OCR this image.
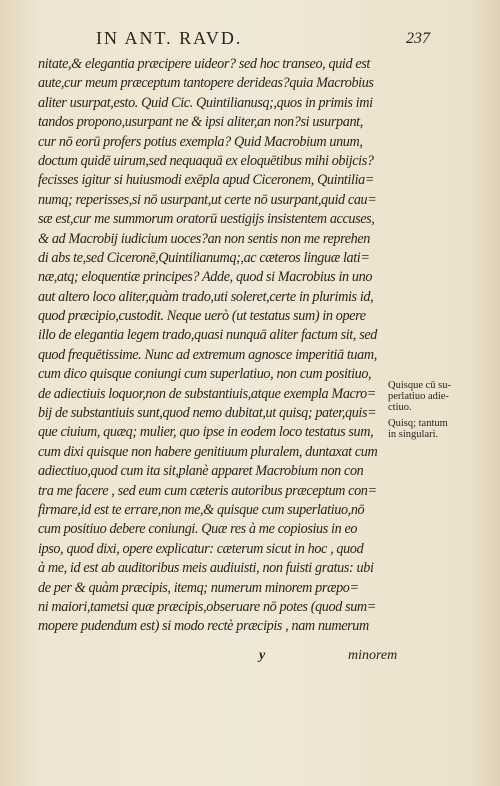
IN ANT. RAVD.	237
nitate,& elegantia præcipere uideor? sed hoc transeo, quid est
aute,cur meum præceptum tantopere derideas?quia Macrobius
aliter usurpat,esto. Quid Cic. Quintilianusq;,quos in primis imi
tandos propono,usurpant ne & ipsi aliter,an non?si usurpant,
cur nō eorū profers potius exempla? Quid Macrobium unum,
doctum quidē uirum,sed nequaquā ex eloquētibus mihi obijcis?
fecisses igitur si huiusmodi exēpla apud Ciceronem, Quintilia=
numq; reperisses,si nō usurpant,ut certe nō usurpant,quid cau=
sæ est,cur me summorum oratorū uestigijs insistentem accuses,
& ad Macrobij iudicium uoces?an non sentis non me reprehen
di abs te,sed Ciceronē,Quintilianumq;,ac cæteros linguæ lati=
næ,atq; eloquentiæ principes? Adde, quod si Macrobius in uno
aut altero loco aliter,quàm trado,uti soleret,certe in plurimis id,
quod præcipio,custodit. Neque uerò (ut testatus sum) in opere
illo de elegantia legem trado,quasi nunquā aliter factum sit, sed
quod frequētissime. Nunc ad extremum agnosce imperitiā tuam,
cum dico quisque coniungi cum superlatiuo, non cum positiuo,
de adiectiuis loquor,non de substantiuis,atque exempla Macro=
bij de substantiuis sunt,quod nemo dubitat,ut quisq; pater,quis=
que ciuium, quæq; mulier, quo ipse in eodem loco testatus sum,
cum dixi quisque non habere genitiuum pluralem, duntaxat cum
adiectiuo,quod cum ita sit,planè apparet Macrobium non con
tra me facere , sed eum cum cæteris autoribus præceptum con=
firmare,id est te errare,non me,& quisque cum superlatiuo,nō
cum positiuo debere coniungi. Quæ res à me copiosius in eo
ipso, quod dixi, opere explicatur: cæterum sicut in hoc , quod
à me, id est ab auditoribus meis audiuisti, non fuisti gratus: ubi
de per & quàm præcipis, itemq; numerum minorem præpo=
ni maiori,tametsi quæ præcipis,obseruare nō potes (quod sum=
mopere pudendum est) si modo rectè præcipis , nam numerum
Quisque cū su-
perlatiuo adie-
ctiuo.
Quisq; tantum
in singulari.
y	minorem
